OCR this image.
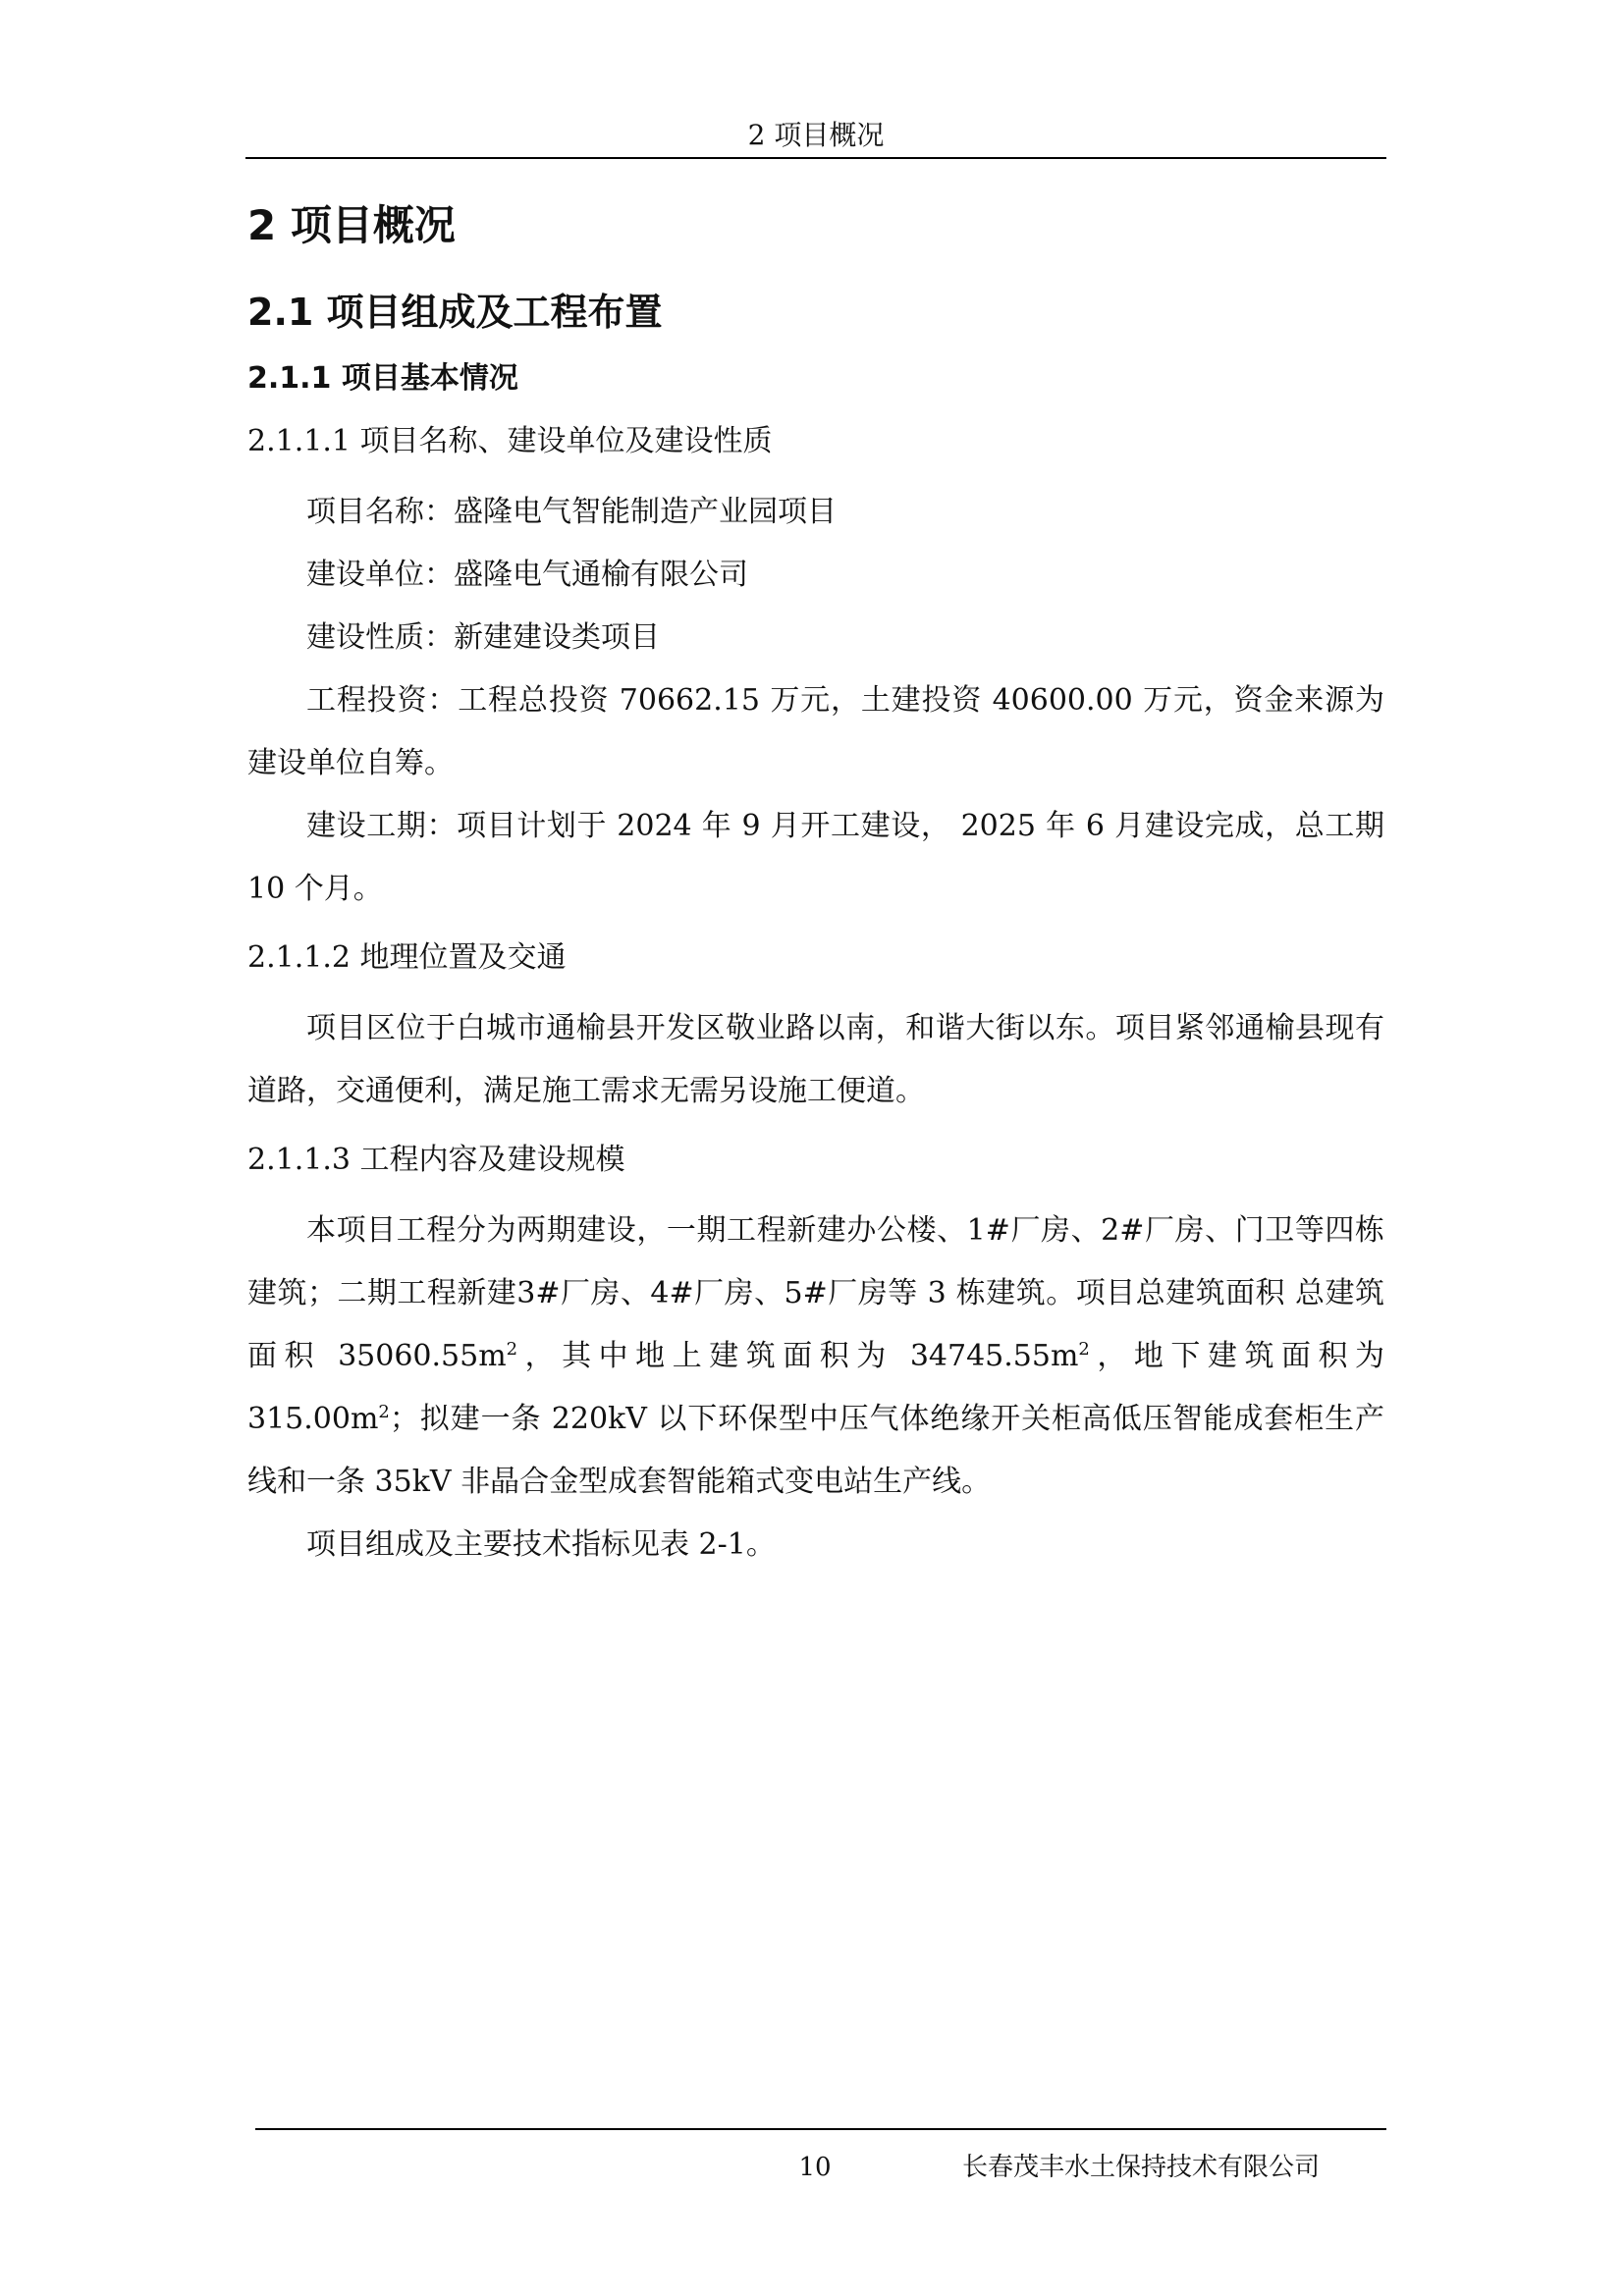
2 项目概况
2 项目概况
2.1 项目组成及工程布置
2.1.1 项目基本情况
2.1.1.1 项目名称、建设单位及建设性质

项目名称：盛隆电气智能制造产业园项目

建设单位：盛隆电气通榆有限公司

建设性质：新建建设类项目

工程投资：工程总投资 70662.15 万元，土建投资 40600.00 万元，资金来源为建设单位自筹。

建设工期：项目计划于 2024 年 9 月开工建设， 2025 年 6 月建设完成，总工期 10 个月。

2.1.1.2 地理位置及交通

项目区位于白城市通榆县开发区敬业路以南，和谐大街以东。项目紧邻通榆县现有道路，交通便利，满足施工需求无需另设施工便道。

2.1.1.3 工程内容及建设规模

本项目工程分为两期建设，一期工程新建办公楼、1#厂房、2#厂房、门卫等四栋建筑；二期工程新建3#厂房、4#厂房、5#厂房等 3 栋建筑。项目总建筑面积 总建筑面积 $35060.55m^2$，其中地上建筑面积为 $34745.55m^2$，地下建筑面积为 $315.00m^2$；拟建一条 220kV 以下环保型中压气体绝缘开关柜高低压智能成套柜生产线和一条 35kV 非晶合金型成套智能箱式变电站生产线。

项目组成及主要技术指标见表 2-1。

10	长春茂丰水土保持技术有限公司
